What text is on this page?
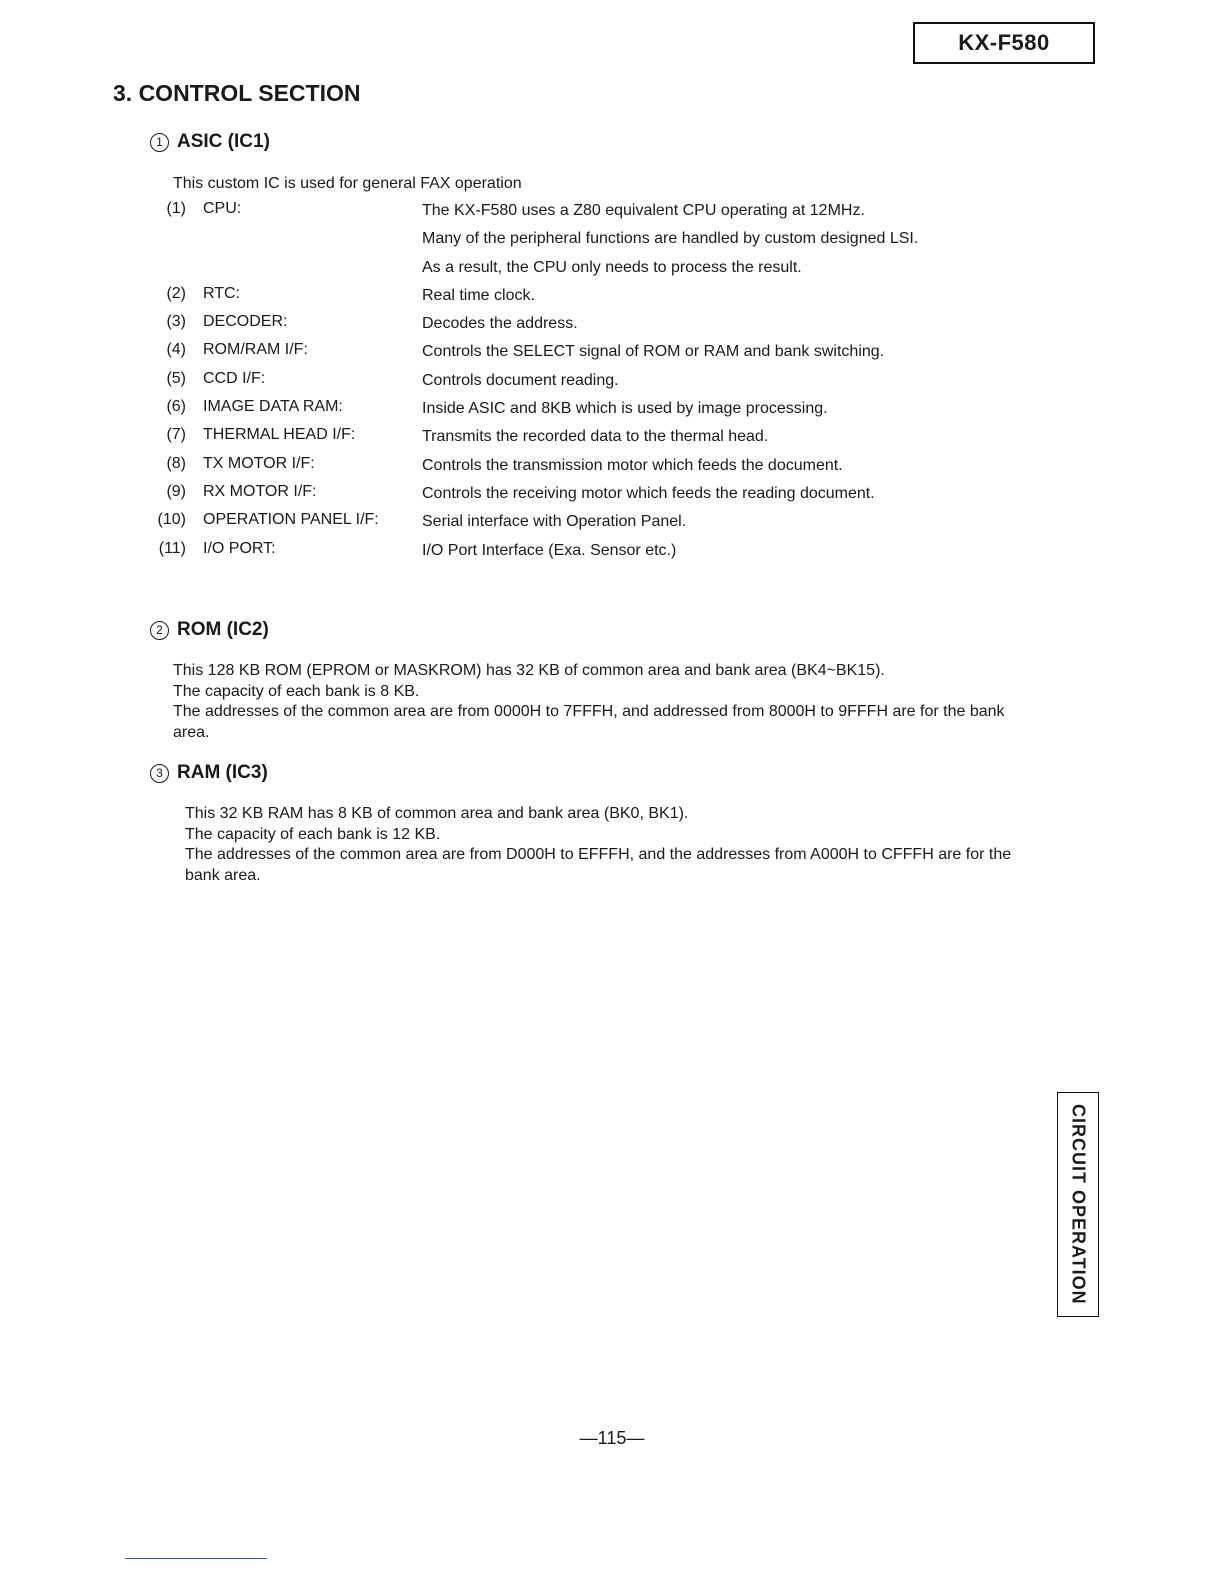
KX-F580
3. CONTROL SECTION
1 ASIC (IC1)
This custom IC is used for general FAX operation
(1) CPU:	The KX-F580 uses a Z80 equivalent CPU operating at 12MHz.
Many of the peripheral functions are handled by custom designed LSI.
As a result, the CPU only needs to process the result.
(2) RTC:	Real time clock.
(3) DECODER:	Decodes the address.
(4) ROM/RAM I/F:	Controls the SELECT signal of ROM or RAM and bank switching.
(5) CCD I/F:	Controls document reading.
(6) IMAGE DATA RAM:	Inside ASIC and 8KB which is used by image processing.
(7) THERMAL HEAD I/F:	Transmits the recorded data to the thermal head.
(8) TX MOTOR I/F:	Controls the transmission motor which feeds the document.
(9) RX MOTOR I/F:	Controls the receiving motor which feeds the reading document.
(10) OPERATION PANEL I/F:	Serial interface with Operation Panel.
(11) I/O PORT:	I/O Port Interface (Exa. Sensor etc.)
2 ROM (IC2)

This 128 KB ROM (EPROM or MASKROM) has 32 KB of common area and bank area (BK4~BK15).

The capacity of each bank is 8 KB.

The addresses of the common area are from 0000H to 7FFFH, and addressed from 8000H to 9FFFH are for the bank

area.

3 RAM (IC3)

This 32 KB RAM has 8 KB of common area and bank area (BK0, BK1).

The capacity of each bank is 12 KB.

The addresses of the common area are from D000H to EFFFH, and the addresses from A000H to CFFFH are for the

bank area.

CIRCUIT OPERATION
—115—
